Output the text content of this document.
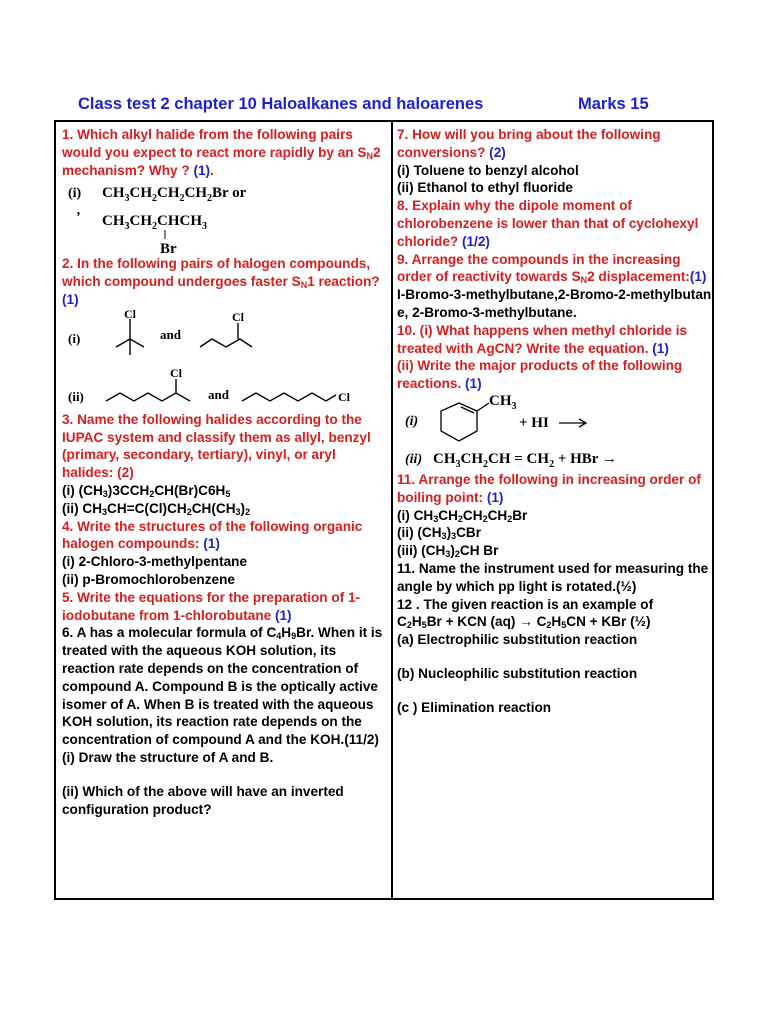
Class test 2 chapter 10 Haloalkanes and haloarenes	Marks 15

1. Which alkyl halide from the following pairs would you expect to react more rapidly by an $S_N2$ mechanism? Why ? (1).

(i) $CH_3CH_2CH_2CH_2Br$ or
’ $CH_3CH_2CHCH_3$
Br

2. In the following pairs of halogen compounds, which compound undergoes faster $S_N1$ reaction? (1)

(i)
Cl
and
Cl
(ii)
Cl
and	Cl

3. Name the following halides according to the IUPAC system and classify them as allyl, benzyl (primary, secondary, tertiary), vinyl, or aryl halides: (2)

(i) $(CH_3)3CCH_2CH(Br)C6H_5$

(ii) $CH_3CH=C(Cl)CH_2CH(CH_3)_2$

4. Write the structures of the following organic halogen compounds: (1)

(i) 2-Chloro-3-methylpentane

(ii) p-Bromochlorobenzene

5. Write the equations for the preparation of 1-iodobutane from 1-chlorobutane (1)

6. A has a molecular formula of $C_4H_9Br$. When it is treated with the aqueous KOH solution, its reaction rate depends on the concentration of compound A. Compound B is the optically active isomer of A. When B is treated with the aqueous KOH solution, its reaction rate depends on the concentration of compound A and the KOH.(11/2)

(i) Draw the structure of A and B.

(ii) Which of the above will have an inverted configuration product?

7. How will you bring about the following conversions? (2)

(i) Toluene to benzyl alcohol

(ii) Ethanol to ethyl fluoride

8. Explain why the dipole moment of chlorobenzene is lower than that of cyclohexyl chloride? (1/2)

9. Arrange the compounds in the increasing order of reactivity towards $S_N2$ displacement:(1)

I-Bromo-3-methylbutane,2-Bromo-2-methylbutane, 2-Bromo-3-methylbutane.

10. (i) What happens when methyl chloride is treated with AgCN? Write the equation. (1)

(ii) Write the major products of the following reactions. (1)

(i)
$CH_3$
+ HI
(ii) $CH_3CH_2CH = CH_2$ + HBr →

11. Arrange the following in increasing order of boiling point: (1)

(i) $CH_3CH_2CH_2CH_2Br$

(ii) $(CH_3)_3CBr$

(iii) $(CH_3)_2CH$ Br

11. Name the instrument used for measuring the angle by which pp light is rotated.(½)

12 . The given reaction is an example of

$C_2H_5Br$ + KCN $(aq) \to C_2H_5CN$ + KBr (½)

(a) Electrophilic substitution reaction

(b) Nucleophilic substitution reaction

(c ) Elimination reaction
